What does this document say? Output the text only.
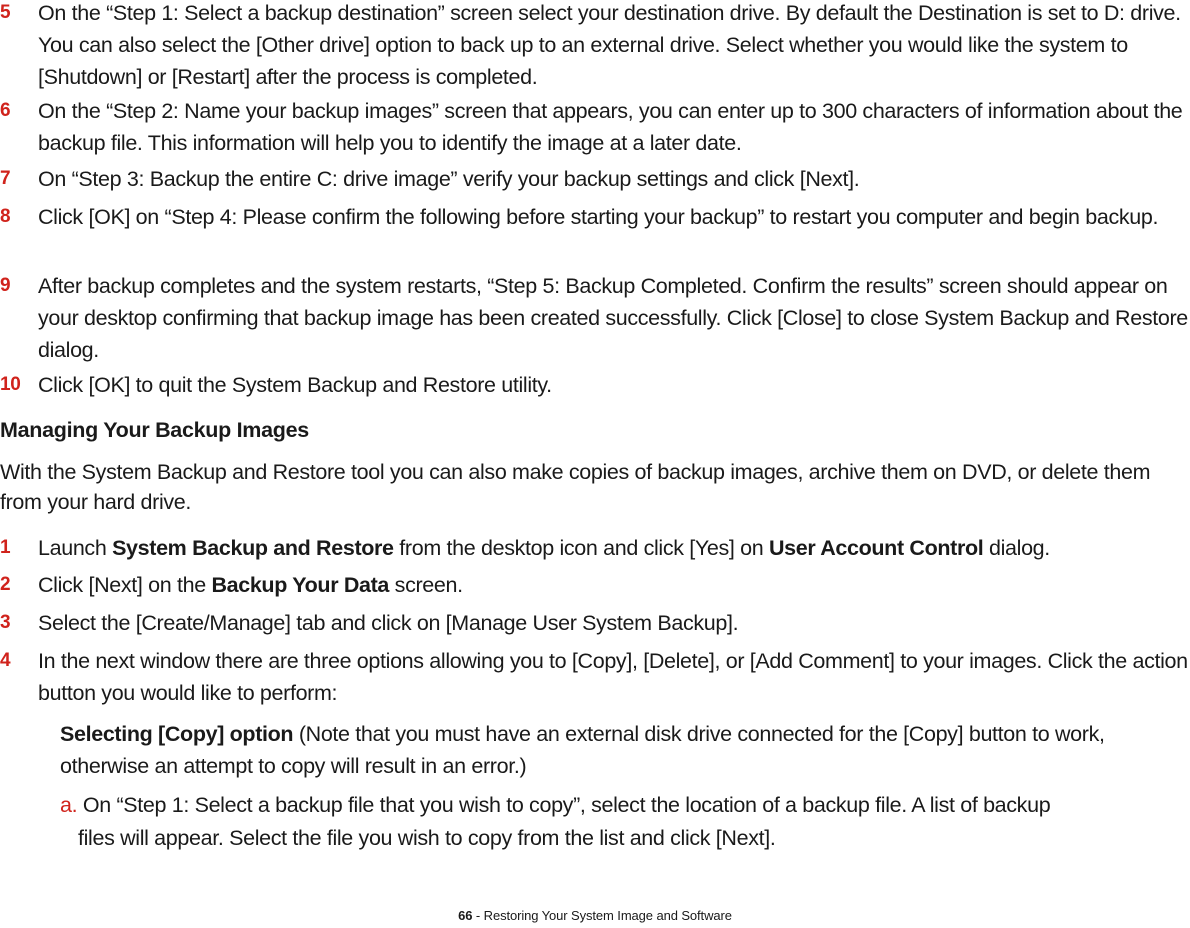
5	On the “Step 1: Select a backup destination” screen select your destination drive. By default the Destination is set to D: drive. You can also select the [Other drive] option to back up to an external drive. Select whether you would like the system to [Shutdown] or [Restart] after the process is completed.
6	On the “Step 2: Name your backup images” screen that appears, you can enter up to 300 characters of information about the backup file. This information will help you to identify the image at a later date.
7	On “Step 3: Backup the entire C: drive image” verify your backup settings and click [Next].
8	Click [OK] on “Step 4: Please confirm the following before starting your backup” to restart you computer and begin backup.
9	After backup completes and the system restarts, “Step 5: Backup Completed. Confirm the results” screen should appear on your desktop confirming that backup image has been created successfully. Click [Close] to close System Backup and Restore dialog.
10 Click [OK] to quit the System Backup and Restore utility.
Managing Your Backup Images
With the System Backup and Restore tool you can also make copies of backup images, archive them on DVD, or delete them from your hard drive.
1	Launch System Backup and Restore from the desktop icon and click [Yes] on User Account Control dialog.
2	Click [Next] on the Backup Your Data screen.
3	Select the [Create/Manage] tab and click on [Manage User System Backup].
4	In the next window there are three options allowing you to [Copy], [Delete], or [Add Comment] to your images. Click the action button you would like to perform:
Selecting [Copy] option (Note that you must have an external disk drive connected for the [Copy] button to work, otherwise an attempt to copy will result in an error.)
a. On “Step 1: Select a backup file that you wish to copy”, select the location of a backup file. A list of backup
files will appear. Select the file you wish to copy from the list and click [Next].
66 - Restoring Your System Image and Software
